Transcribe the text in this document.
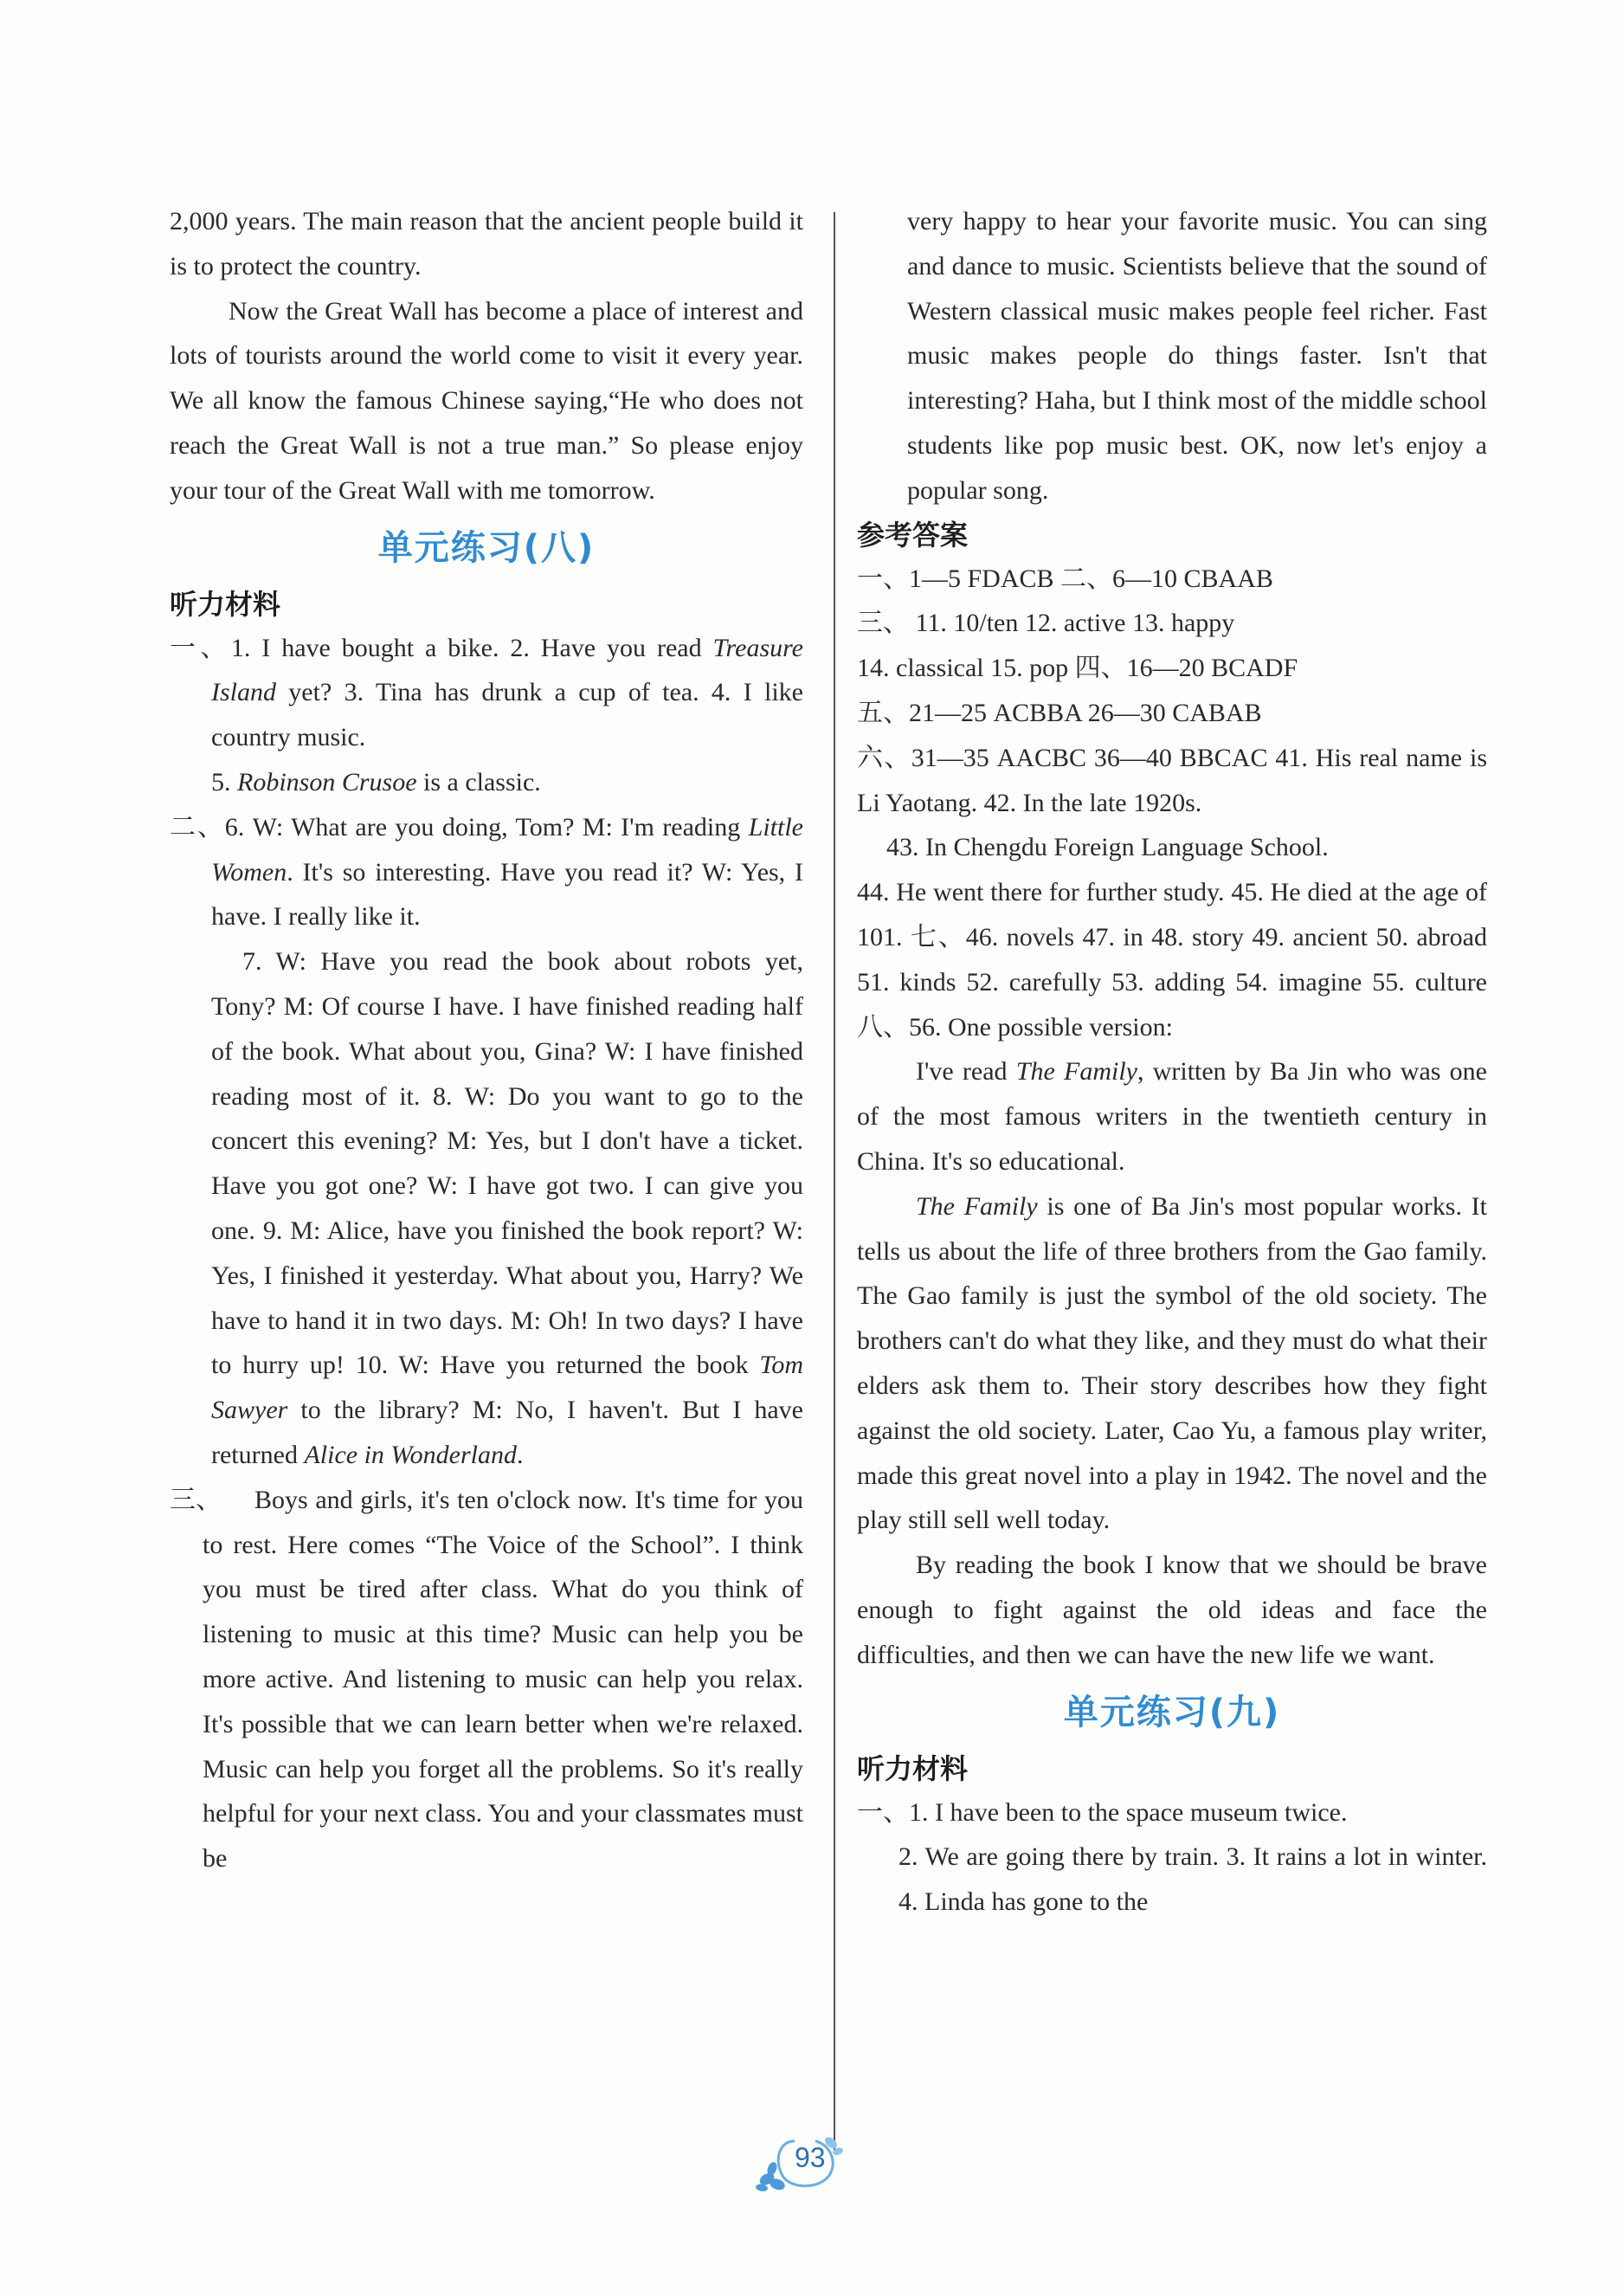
2,000 years. The main reason that the ancient people build it is to protect the country.

Now the Great Wall has become a place of interest and lots of tourists around the world come to visit it every year. We all know the famous Chinese saying,“He who does not reach the Great Wall is not a true man.” So please enjoy your tour of the Great Wall with me tomorrow.

单元练习(八)

听力材料

一、1. I have bought a bike. 2. Have you read Treasure Island yet? 3. Tina has drunk a cup of tea. 4. I like country music.

5. Robinson Crusoe is a classic.

二、6. W: What are you doing, Tom? M: I'm reading Little Women. It's so interesting. Have you read it? W: Yes, I have. I really like it.

7. W: Have you read the book about robots yet, Tony? M: Of course I have. I have finished reading half of the book. What about you, Gina? W: I have finished reading most of it. 8. W: Do you want to go to the concert this evening? M: Yes, but I don't have a ticket. Have you got one? W: I have got two. I can give you one. 9. M: Alice, have you finished the book report? W: Yes, I finished it yesterday. What about you, Harry? We have to hand it in two days. M: Oh! In two days? I have to hurry up! 10. W: Have you returned the book Tom Sawyer to the library? M: No, I haven't. But I have returned Alice in Wonderland.

三、	Boys and girls, it's ten o'clock now. It's time for you to rest. Here comes “The Voice of the School”. I think you must be tired after class. What do you think of listening to music at this time? Music can help you be more active. And listening to music can help you relax. It's possible that we can learn better when we're relaxed. Music can help you forget all the problems. So it's really helpful for your next class. You and your classmates must be

very happy to hear your favorite music. You can sing and dance to music. Scientists believe that the sound of Western classical music makes people feel richer. Fast music makes people do things faster. Isn't that interesting? Haha, but I think most of the middle school students like pop music best. OK, now let's enjoy a popular song.

参考答案

一、1—5 FDACB 二、6—10 CBAAB

三、 11. 10/ten 12. active 13. happy

14. classical 15. pop 四、16—20 BCADF

五、21—25 ACBBA 26—30 CABAB

六、31—35 AACBC 36—40 BBCAC 41. His real name is Li Yaotang. 42. In the late 1920s.

43. In Chengdu Foreign Language School.

44. He went there for further study. 45. He died at the age of 101. 七、46. novels 47. in 48. story 49. ancient 50. abroad 51. kinds 52. carefully 53. adding 54. imagine 55. culture 八、56. One possible version:

I've read The Family, written by Ba Jin who was one of the most famous writers in the twentieth century in China. It's so educational.

The Family is one of Ba Jin's most popular works. It tells us about the life of three brothers from the Gao family. The Gao family is just the symbol of the old society. The brothers can't do what they like, and they must do what their elders ask them to. Their story describes how they fight against the old society. Later, Cao Yu, a famous play writer, made this great novel into a play in 1942. The novel and the play still sell well today.

By reading the book I know that we should be brave enough to fight against the old ideas and face the difficulties, and then we can have the new life we want.

单元练习(九)

听力材料

一、1. I have been to the space museum twice.

2. We are going there by train. 3. It rains a lot in winter. 4. Linda has gone to the

93
